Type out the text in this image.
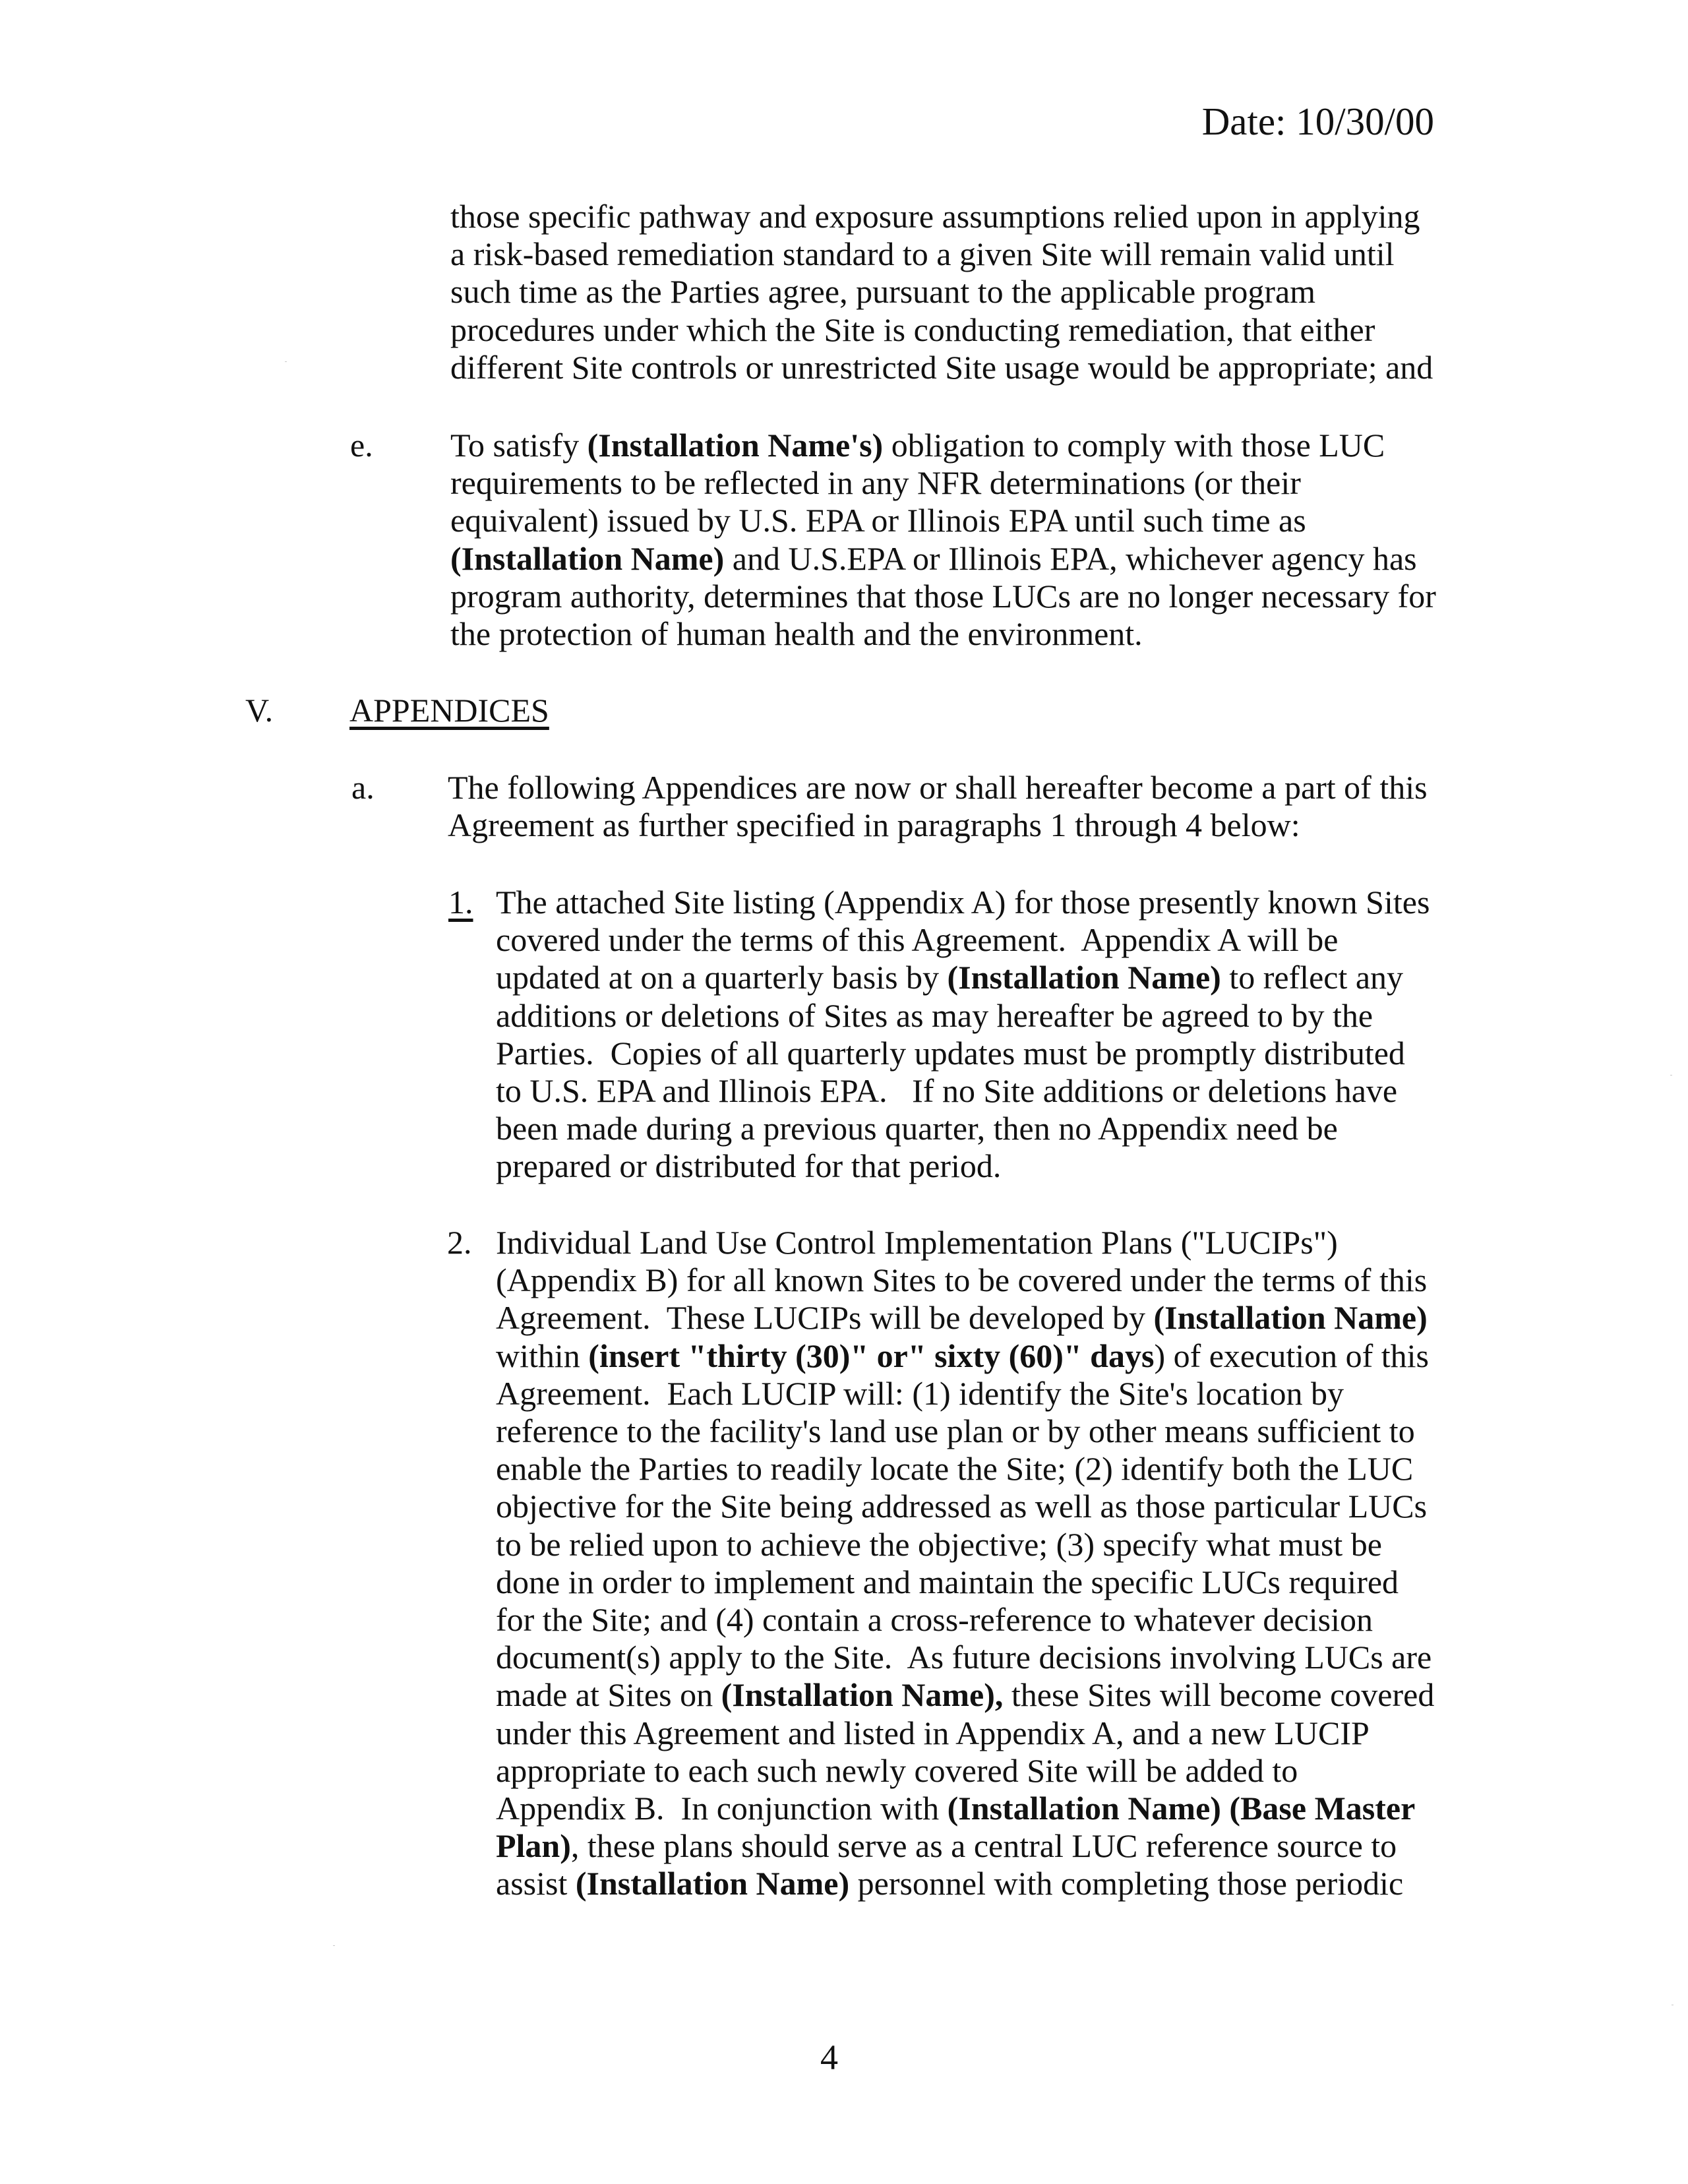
Date: 10/30/00

those specific pathway and exposure assumptions relied upon in applying

a risk-based remediation standard to a given Site will remain valid until

such time as the Parties agree, pursuant to the applicable program

procedures under which the Site is conducting remediation, that either

different Site controls or unrestricted Site usage would be appropriate; and

e. To satisfy (Installation Name's) obligation to comply with those LUC

requirements to be reflected in any NFR determinations (or their

equivalent) issued by U.S. EPA or Illinois EPA until such time as

(Installation Name) and U.S.EPA or Illinois EPA, whichever agency has

program authority, determines that those LUCs are no longer necessary for

the protection of human health and the environment.

V. APPENDICES
a. The following Appendices are now or shall hereafter become a part of this

Agreement as further specified in paragraphs 1 through 4 below:

1. The attached Site listing (Appendix A) for those presently known Sites

covered under the terms of this Agreement.  Appendix A will be

updated at on a quarterly basis by (Installation Name) to reflect any

additions or deletions of Sites as may hereafter be agreed to by the

Parties.  Copies of all quarterly updates must be promptly distributed

to U.S. EPA and Illinois EPA.   If no Site additions or deletions have

been made during a previous quarter, then no Appendix need be

prepared or distributed for that period.

2. Individual Land Use Control Implementation Plans ("LUCIPs")

(Appendix B) for all known Sites to be covered under the terms of this

Agreement.  These LUCIPs will be developed by (Installation Name)

within (insert "thirty (30)" or" sixty (60)" days) of execution of this

Agreement.  Each LUCIP will: (1) identify the Site's location by

reference to the facility's land use plan or by other means sufficient to

enable the Parties to readily locate the Site; (2) identify both the LUC

objective for the Site being addressed as well as those particular LUCs

to be relied upon to achieve the objective; (3) specify what must be

done in order to implement and maintain the specific LUCs required

for the Site; and (4) contain a cross-reference to whatever decision

document(s) apply to the Site.  As future decisions involving LUCs are

made at Sites on (Installation Name), these Sites will become covered

under this Agreement and listed in Appendix A, and a new LUCIP

appropriate to each such newly covered Site will be added to

Appendix B.  In conjunction with (Installation Name) (Base Master

Plan), these plans should serve as a central LUC reference source to

assist (Installation Name) personnel with completing those periodic

4
